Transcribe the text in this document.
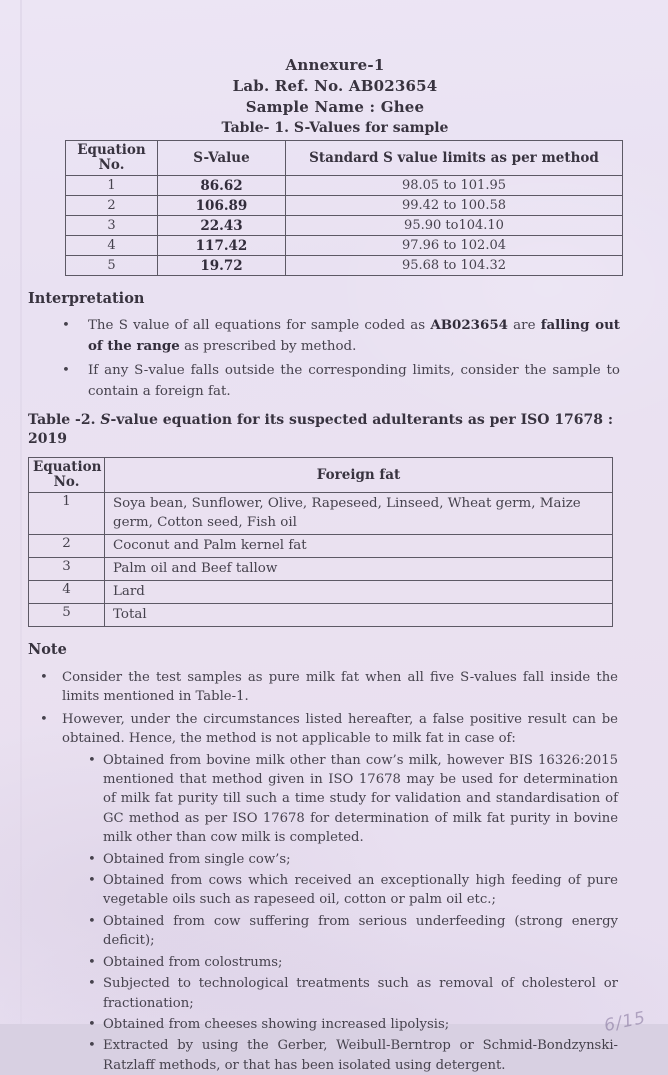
Annexure-1
Lab. Ref. No. AB023654
Sample Name : Ghee
Table- 1. S-Values for sample
Equation
No.	S-Value	Standard S value limits as per method
1	86.62	98.05 to 101.95
2	106.89	99.42 to 100.58
3	22.43	95.90 to104.10
4	117.42	97.96 to 102.04
5	19.72	95.68 to 104.32
Interpretation
• The S value of all equations for sample coded as AB023654 are falling out of the range as prescribed by method.
• If any S-value falls outside the corresponding limits, consider the sample to contain a foreign fat.
Table -2. S-value equation for its suspected adulterants as per ISO 17678 : 2019
Equation
No.	Foreign fat
1	Soya bean, Sunflower, Olive, Rapeseed, Linseed, Wheat germ, Maize germ, Cotton seed, Fish oil
2	Coconut and Palm kernel fat
3	Palm oil and Beef tallow
4	Lard
5	Total
Note
• Consider the test samples as pure milk fat when all five S-values fall inside the limits mentioned in Table-1.
• However, under the circumstances listed hereafter, a false positive result can be obtained. Hence, the method is not applicable to milk fat in case of:
• Obtained from bovine milk other than cow’s milk, however BIS 16326:2015 mentioned that method given in ISO 17678 may be used for determination of milk fat purity till such a time study for validation and standardisation of GC method as per ISO 17678 for determination of milk fat purity in bovine milk other than cow milk is completed.
• Obtained from single cow’s;
• Obtained from cows which received an exceptionally high feeding of pure vegetable oils such as rapeseed oil, cotton or palm oil etc.;
• Obtained from cow suffering from serious underfeeding (strong energy deficit);
• Obtained from colostrums;
• Subjected to technological treatments such as removal of cholesterol or fractionation;
• Obtained from cheeses showing increased lipolysis;
• Extracted by using the Gerber, Weibull-Berntrop or Schmid-Bondzynski-Ratzlaff methods, or that has been isolated using detergent.
6/15
